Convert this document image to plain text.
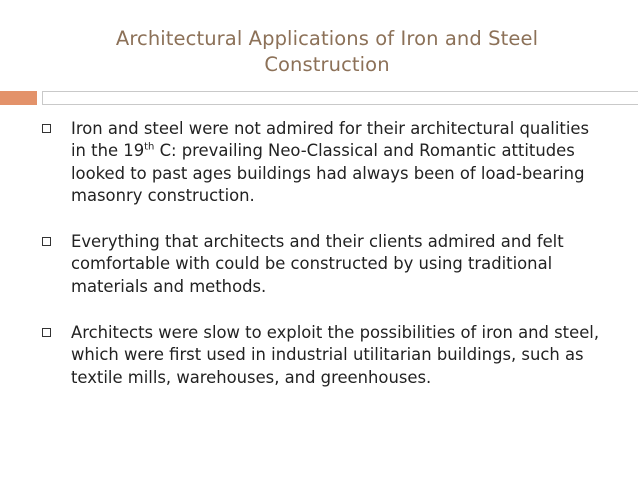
Architectural Applications of Iron and Steel Construction
Iron and steel were not admired for their architectural qualities in the 19th C: prevailing Neo-Classical and Romantic attitudes looked to past ages buildings had always been of load-bearing masonry construction.
Everything that architects and their clients admired and felt comfortable with could be constructed by using traditional materials and methods.
Architects were slow to exploit the possibilities of iron and steel, which were first used in industrial utilitarian buildings, such as textile mills, warehouses, and greenhouses.
